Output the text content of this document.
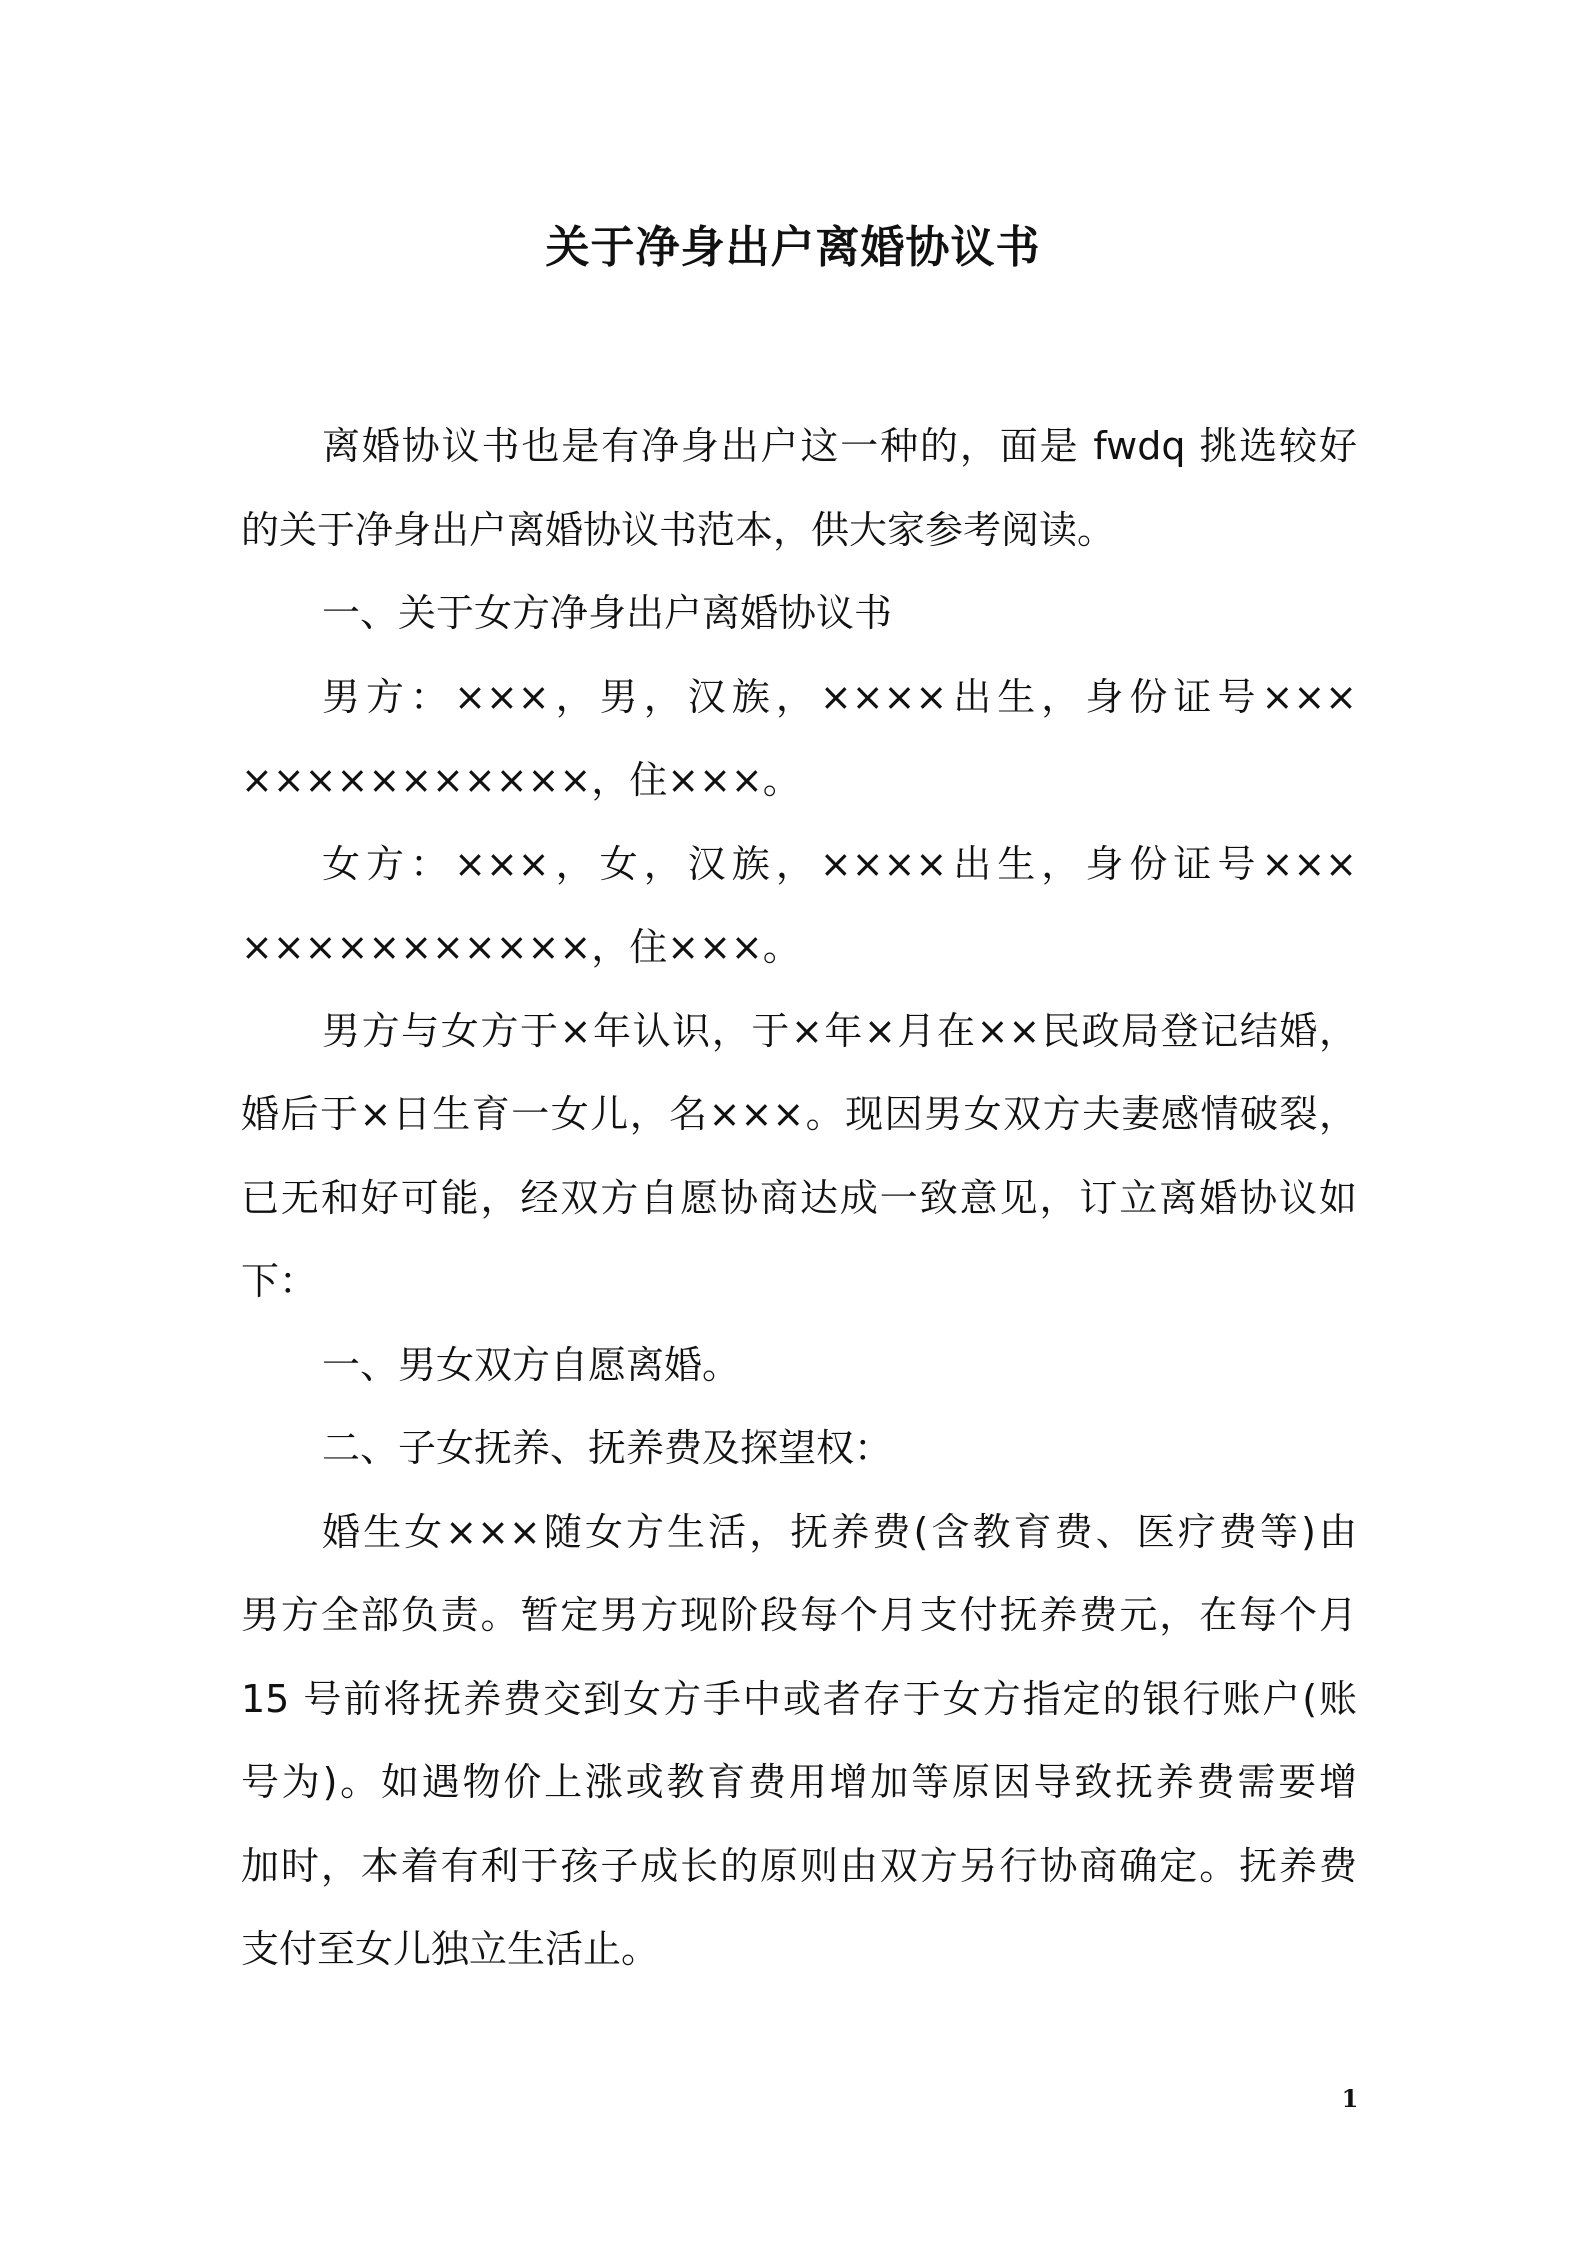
关于净身出户离婚协议书
离婚协议书也是有净身出户这一种的，面是 fwdq 挑选较好
的关于净身出户离婚协议书范本，供大家参考阅读。
一、关于女方净身出户离婚协议书
男方：×××，男，汉族，××××出生，身份证号×××
×××××××××××，住×××。
女方：×××，女，汉族，××××出生，身份证号×××
×××××××××××，住×××。
男方与女方于×年认识，于×年×月在××民政局登记结婚，
婚后于×日生育一女儿，名×××。现因男女双方夫妻感情破裂，
已无和好可能，经双方自愿协商达成一致意见，订立离婚协议如
下：
一、男女双方自愿离婚。
二、子女抚养、抚养费及探望权：
婚生女×××随女方生活，抚养费(含教育费、医疗费等)由
男方全部负责。暂定男方现阶段每个月支付抚养费元，在每个月
15 号前将抚养费交到女方手中或者存于女方指定的银行账户(账
号为)。如遇物价上涨或教育费用增加等原因导致抚养费需要增
加时，本着有利于孩子成长的原则由双方另行协商确定。抚养费
支付至女儿独立生活止。
1
